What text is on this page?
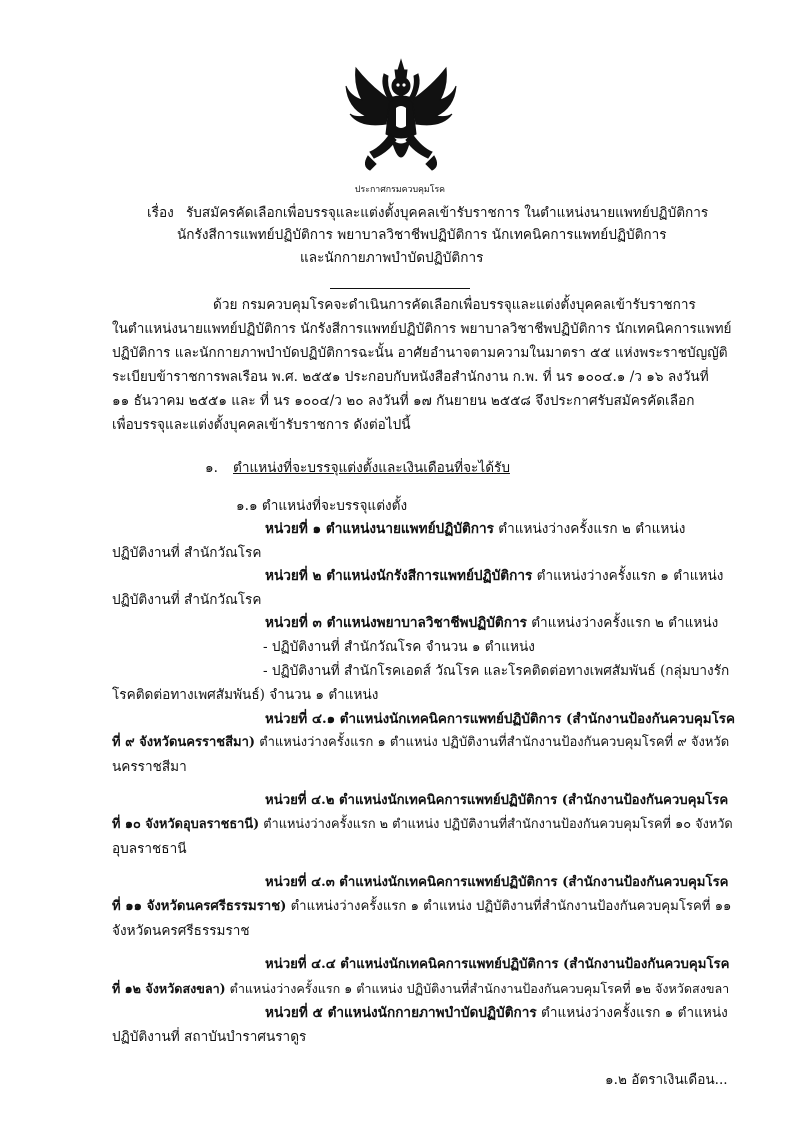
ประกาศกรมควบคุมโรค
เรื่อง รับสมัครคัดเลือกเพื่อบรรจุและแต่งตั้งบุคคลเข้ารับราชการ ในตำแหน่งนายแพทย์ปฏิบัติการ
นักรังสีการแพทย์ปฏิบัติการ พยาบาลวิชาชีพปฏิบัติการ นักเทคนิคการแพทย์ปฏิบัติการ
และนักกายภาพบำบัดปฏิบัติการ
ด้วย กรมควบคุมโรคจะดำเนินการคัดเลือกเพื่อบรรจุและแต่งตั้งบุคคลเข้ารับราชการ
ในตำแหน่งนายแพทย์ปฏิบัติการ นักรังสีการแพทย์ปฏิบัติการ พยาบาลวิชาชีพปฏิบัติการ นักเทคนิคการแพทย์
ปฏิบัติการ และนักกายภาพบำบัดปฏิบัติการฉะนั้น อาศัยอำนาจตามความในมาตรา ๕๕ แห่งพระราชบัญญัติ
ระเบียบข้าราชการพลเรือน พ.ศ. ๒๕๕๑ ประกอบกับหนังสือสำนักงาน ก.พ. ที่ นร ๑๐๐๔.๑ /ว ๑๖ ลงวันที่
๑๑ ธันวาคม ๒๕๕๑ และ ที่ นร ๑๐๐๔/ว ๒๐ ลงวันที่ ๑๗ กันยายน ๒๕๕๘ จึงประกาศรับสมัครคัดเลือก
เพื่อบรรจุและแต่งตั้งบุคคลเข้ารับราชการ ดังต่อไปนี้
๑. ตำแหน่งที่จะบรรจุแต่งตั้งและเงินเดือนที่จะได้รับ
๑.๑ ตำแหน่งที่จะบรรจุแต่งตั้ง
หน่วยที่ ๑ ตำแหน่งนายแพทย์ปฏิบัติการ ตำแหน่งว่างครั้งแรก ๒ ตำแหน่ง
ปฏิบัติงานที่ สำนักวัณโรค
หน่วยที่ ๒ ตำแหน่งนักรังสีการแพทย์ปฏิบัติการ ตำแหน่งว่างครั้งแรก ๑ ตำแหน่ง
ปฏิบัติงานที่ สำนักวัณโรค
หน่วยที่ ๓ ตำแหน่งพยาบาลวิชาชีพปฏิบัติการ ตำแหน่งว่างครั้งแรก ๒ ตำแหน่ง
- ปฏิบัติงานที่ สำนักวัณโรค จำนวน ๑ ตำแหน่ง
- ปฏิบัติงานที่ สำนักโรคเอดส์ วัณโรค และโรคติดต่อทางเพศสัมพันธ์ (กลุ่มบางรัก
โรคติดต่อทางเพศสัมพันธ์) จำนวน ๑ ตำแหน่ง
หน่วยที่ ๔.๑ ตำแหน่งนักเทคนิคการแพทย์ปฏิบัติการ (สำนักงานป้องกันควบคุมโรค
ที่ ๙ จังหวัดนครราชสีมา) ตำแหน่งว่างครั้งแรก ๑ ตำแหน่ง ปฏิบัติงานที่สำนักงานป้องกันควบคุมโรคที่ ๙ จังหวัด
นครราชสีมา
หน่วยที่ ๔.๒ ตำแหน่งนักเทคนิคการแพทย์ปฏิบัติการ (สำนักงานป้องกันควบคุมโรค
ที่ ๑๐ จังหวัดอุบลราชธานี) ตำแหน่งว่างครั้งแรก ๒ ตำแหน่ง ปฏิบัติงานที่สำนักงานป้องกันควบคุมโรคที่ ๑๐ จังหวัด
อุบลราชธานี
หน่วยที่ ๔.๓ ตำแหน่งนักเทคนิคการแพทย์ปฏิบัติการ (สำนักงานป้องกันควบคุมโรค
ที่ ๑๑ จังหวัดนครศรีธรรมราช) ตำแหน่งว่างครั้งแรก ๑ ตำแหน่ง ปฏิบัติงานที่สำนักงานป้องกันควบคุมโรคที่ ๑๑
จังหวัดนครศรีธรรมราช
หน่วยที่ ๔.๔ ตำแหน่งนักเทคนิคการแพทย์ปฏิบัติการ (สำนักงานป้องกันควบคุมโรค
ที่ ๑๒ จังหวัดสงขลา) ตำแหน่งว่างครั้งแรก ๑ ตำแหน่ง ปฏิบัติงานที่สำนักงานป้องกันควบคุมโรคที่ ๑๒ จังหวัดสงขลา
หน่วยที่ ๕ ตำแหน่งนักกายภาพบำบัดปฏิบัติการ ตำแหน่งว่างครั้งแรก ๑ ตำแหน่ง
ปฏิบัติงานที่ สถาบันบำราศนราดูร
๑.๒ อัตราเงินเดือน...
